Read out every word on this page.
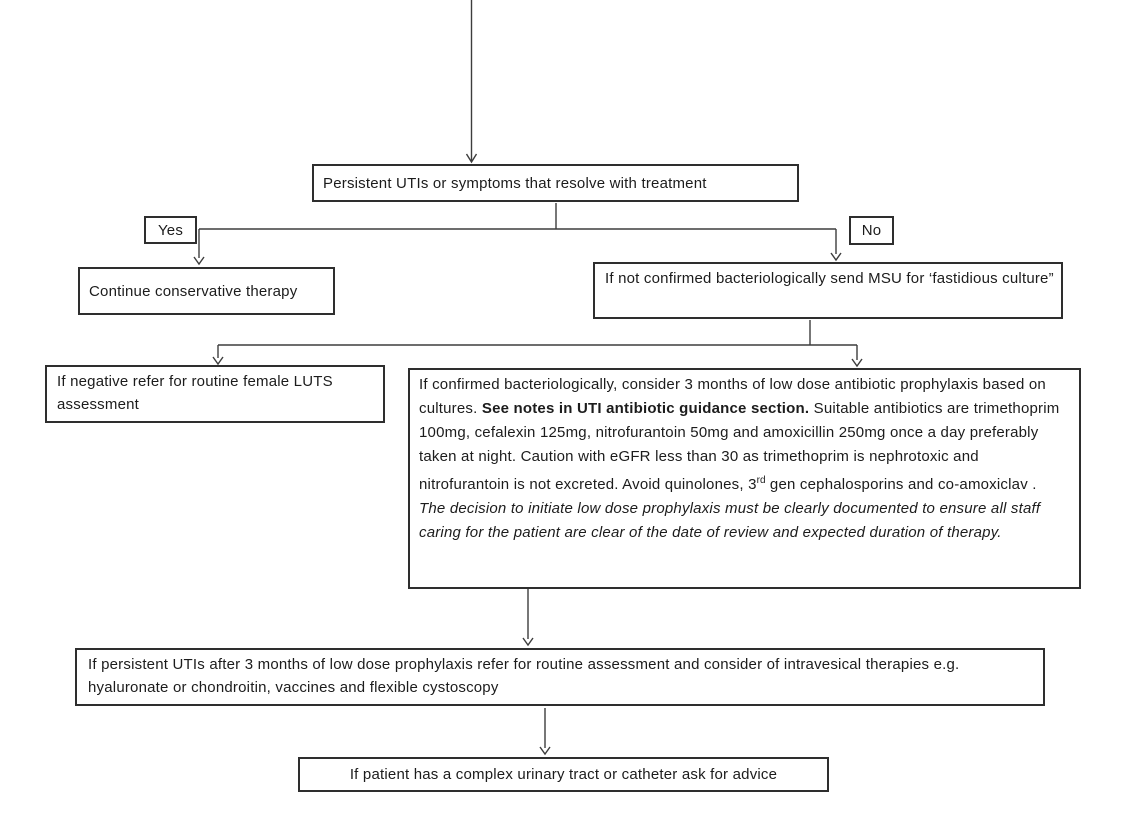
Persistent UTIs or symptoms that resolve with treatment
Yes	No
Continue conservative therapy
If not confirmed bacteriologically send MSU for ‘fastidious culture”
If negative refer for routine female LUTS assessment
If confirmed bacteriologically, consider 3 months of low dose antibiotic prophylaxis based on cultures. See notes in UTI antibiotic guidance section. Suitable antibiotics are trimethoprim 100mg, cefalexin 125mg, nitrofurantoin 50mg and amoxicillin 250mg once a day preferably taken at night. Caution with eGFR less than 30 as trimethoprim is nephrotoxic and nitrofurantoin is not excreted. Avoid quinolones, 3rd gen cephalosporins and co-amoxiclav .
The decision to initiate low dose prophylaxis must be clearly documented to ensure all staff caring for the patient are clear of the date of review and expected duration of therapy.
If persistent UTIs after 3 months of low dose prophylaxis refer for routine assessment and consider of intravesical therapies e.g. hyaluronate or chondroitin, vaccines and flexible cystoscopy
If patient has a complex urinary tract or catheter ask for advice
